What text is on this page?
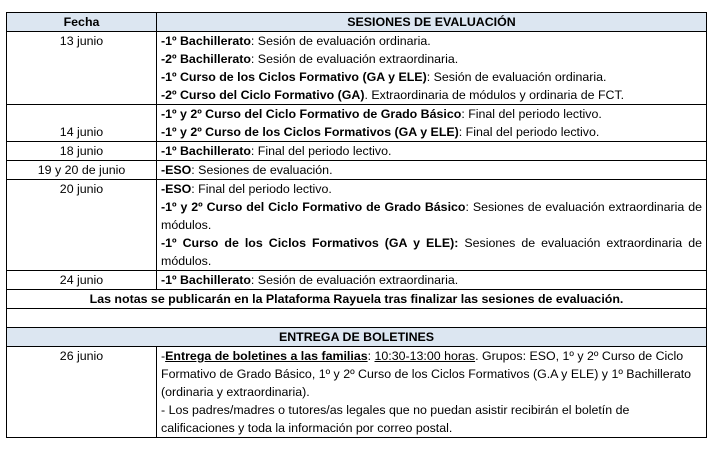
Fecha	SESIONES DE EVALUACIÓN
13 junio	-1º Bachillerato: Sesión de evaluación ordinaria.
-2º Bachillerato: Sesión de evaluación extraordinaria.
-1º Curso de los Ciclos Formativo (GA y ELE): Sesión de evaluación ordinaria.
-2º Curso del Ciclo Formativo (GA). Extraordinaria de módulos y ordinaria de FCT.

14 junio	-1º y 2º Curso del Ciclo Formativo de Grado Básico: Final del periodo lectivo.
-1º y 2º Curso de los Ciclos Formativos (GA y ELE): Final del periodo lectivo.

18 junio	-1º Bachillerato: Final del periodo lectivo.
19 y 20 de junio	-ESO: Sesiones de evaluación.
20 junio	-ESO: Final del periodo lectivo.
-1º y 2º Curso del Ciclo Formativo de Grado Básico: Sesiones de evaluación extraordinaria de módulos.
-1º Curso de los Ciclos Formativos (GA y ELE): Sesiones de evaluación extraordinaria de módulos.

24 junio	-1º Bachillerato: Sesión de evaluación extraordinaria.
Las notas se publicarán en la Plataforma Rayuela tras finalizar las sesiones de evaluación.	

ENTREGA DE BOLETINES	
26 junio	-Entrega de boletines a las familias: 10:30-13:00 horas. Grupos: ESO, 1º y 2º Curso de Ciclo Formativo de Grado Básico, 1º y 2º Curso de los Ciclos Formativos (G.A y ELE) y 1º Bachillerato (ordinaria y extraordinaria).
- Los padres/madres o tutores/as legales que no puedan asistir recibirán el boletín de calificaciones y toda la información por correo postal.
